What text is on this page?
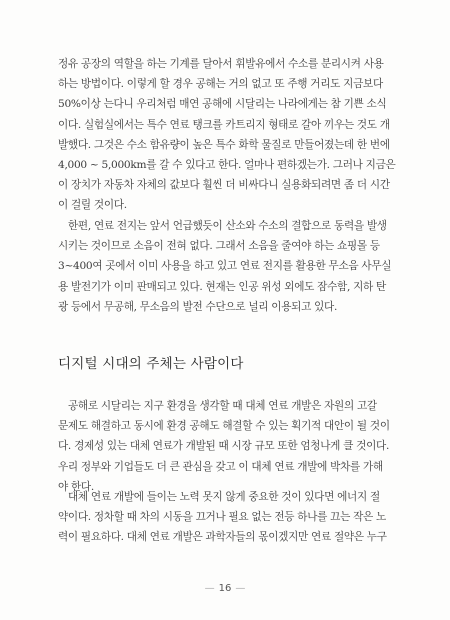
정유 공장의 역할을 하는 기계를 달아서 휘발유에서 수소를 분리시켜 사용
하는 방법이다. 이렇게 할 경우 공해는 거의 없고 또 주행 거리도 지금보다
50%이상 는다니 우리처럼 매연 공해에 시달리는 나라에게는 참 기쁜 소식
이다. 실험실에서는 특수 연료 탱크를 카트리지 형태로 갈아 끼우는 것도 개
발했다. 그것은 수소 함유량이 높은 특수 화학 물질로 만들어졌는데 한 번에
4,000 ~ 5,000km를 갈 수 있다고 한다. 얼마나 편하겠는가. 그러나 지금은
이 장치가 자동차 자체의 값보다 훨씬 더 비싸다니 실용화되려면 좀 더 시간
이 걸릴 것이다.
한편, 연료 전지는 앞서 언급했듯이 산소와 수소의 결합으로 동력을 발생
시키는 것이므로 소음이 전혀 없다. 그래서 소음을 줄여야 하는 쇼핑몰 등
3~400여 곳에서 이미 사용을 하고 있고 연료 전지를 활용한 무소음 사무실
용 발전기가 이미 판매되고 있다. 현재는 인공 위성 외에도 잠수함, 지하 탄
광 등에서 무공해, 무소음의 발전 수단으로 널리 이용되고 있다.
디지털 시대의 주체는 사람이다
공해로 시달리는 지구 환경을 생각할 때 대체 연료 개발은 자원의 고갈
문제도 해결하고 동시에 환경 공해도 해결할 수 있는 획기적 대안이 될 것이
다. 경제성 있는 대체 연료가 개발된 때 시장 규모 또한 엄청나게 클 것이다.
우리 정부와 기업들도 더 큰 관심을 갖고 이 대체 연료 개발에 박차를 가해
야 한다.
대체 연료 개발에 들이는 노력 못지 않게 중요한 것이 있다면 에너지 절
약이다. 정차할 때 차의 시동을 끄거나 필요 없는 전등 하나를 끄는 작은 노
력이 필요하다. 대체 연료 개발은 과학자들의 몫이겠지만 연료 절약은 누구
— 16 —
